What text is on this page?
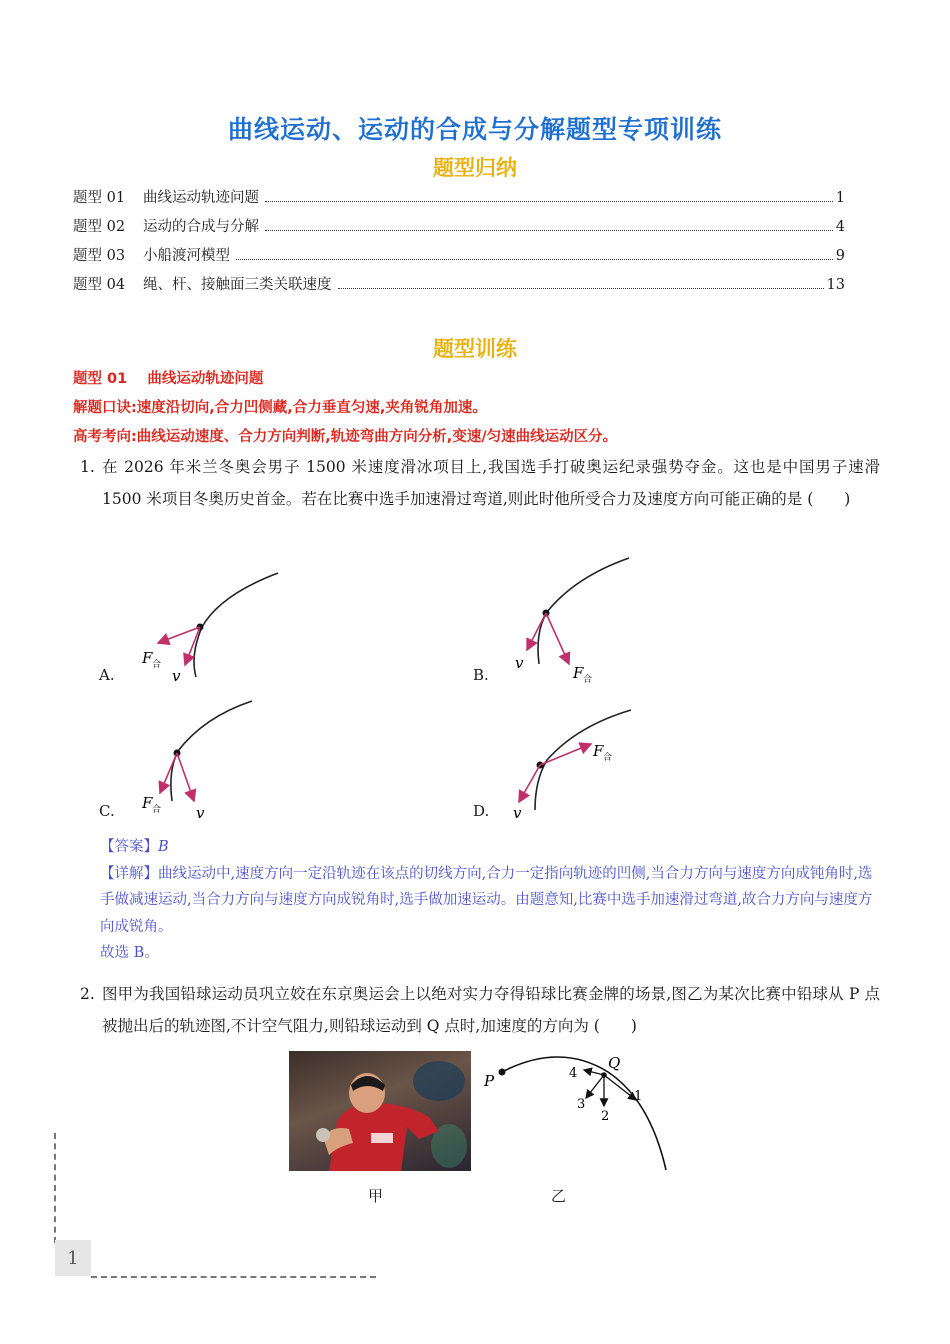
曲线运动、运动的合成与分解题型专项训练
题型归纳
题型 01	曲线运动轨迹问题	1
题型 02	运动的合成与分解	4
题型 03	小船渡河模型	9
题型 04	绳、杆、接触面三类关联速度	13
题型训练
题型 01    曲线运动轨迹问题
解题口诀:速度沿切向,合力凹侧藏,合力垂直匀速,夹角锐角加速。
高考考向:曲线运动速度、合力方向判断,轨迹弯曲方向分析,变速/匀速曲线运动区分。
1. 在 2026 年米兰冬奥会男子 1500 米速度滑冰项目上,我国选手打破奥运纪录强势夺金。这也是中国男子速滑 1500 米项目冬奥历史首金。若在比赛中选手加速滑过弯道,则此时他所受合力及速度方向可能正确的是 (　　)
F 合
v
A.
v
F 合
B.
F 合 v
C.
F 合
v
D.
【答案】B
【详解】曲线运动中,速度方向一定沿轨迹在该点的切线方向,合力一定指向轨迹的凹侧,当合力方向与速度方向成钝角时,选手做减速运动,当合力方向与速度方向成锐角时,选手做加速运动。由题意知,比赛中选手加速滑过弯道,故合力方向与速度方向成锐角。
故选 B。
2. 图甲为我国铅球运动员巩立姣在东京奥运会上以绝对实力夺得铅球比赛金牌的场景,图乙为某次比赛中铅球从 P 点被抛出后的轨迹图,不计空气阻力,则铅球运动到 Q 点时,加速度的方向为 (　　)
甲
P
Q
1
2
3
4
乙
1
